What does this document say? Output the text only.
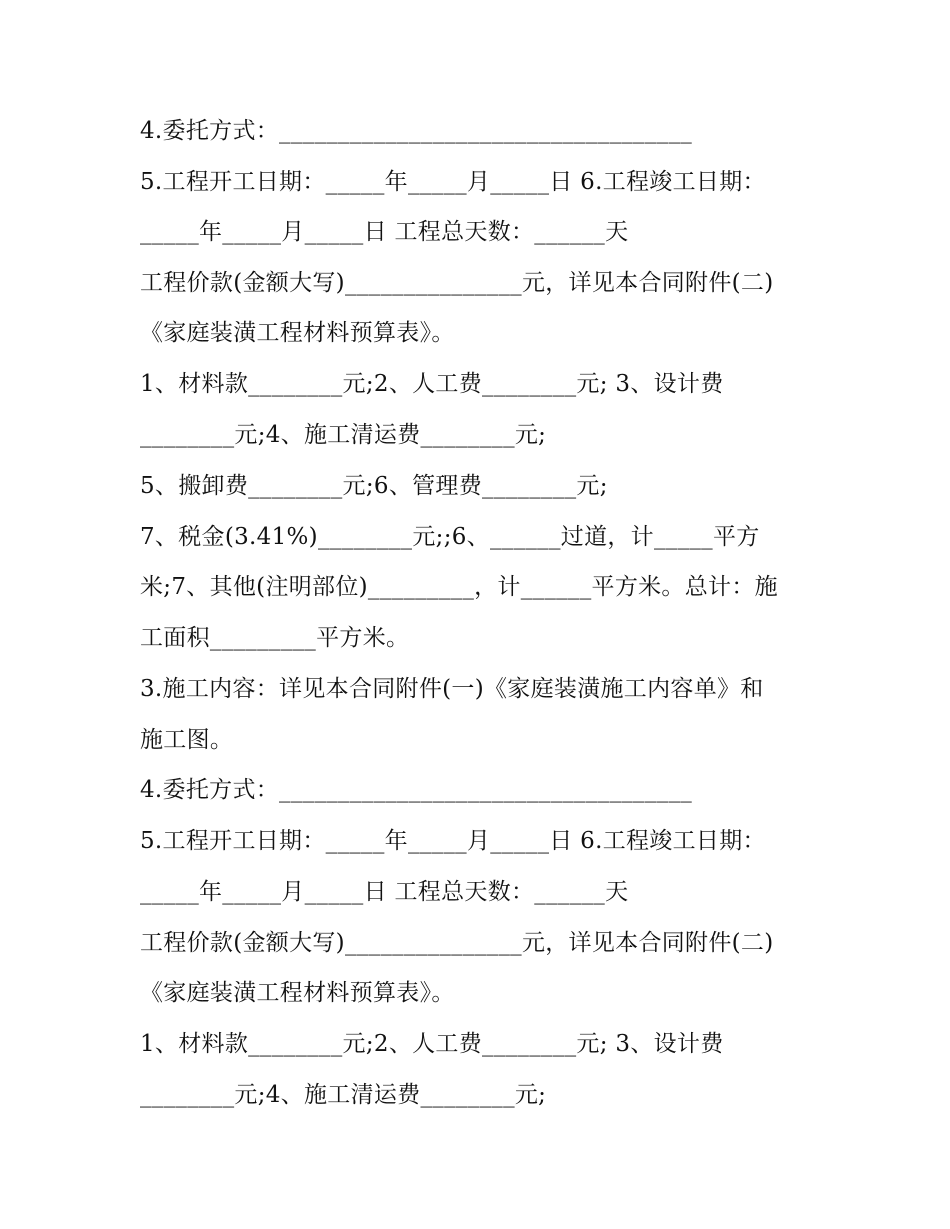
4.委托方式：___________________________________

5.工程开工日期：_____年_____月_____日 6.工程竣工日期：

_____年_____月_____日 工程总天数：______天

工程价款(金额大写)_______________元，详见本合同附件(二)

《家庭装潢工程材料预算表》。

1、材料款________元;2、人工费________元; 3、设计费

________元;4、施工清运费________元;

5、搬卸费________元;6、管理费________元;

7、税金(3.41%)________元;;6、______过道，计_____平方

米;7、其他(注明部位)_________，计______平方米。总计：施

工面积_________平方米。

3.施工内容：详见本合同附件(一)《家庭装潢施工内容单》和

施工图。

4.委托方式：___________________________________

5.工程开工日期：_____年_____月_____日 6.工程竣工日期：

_____年_____月_____日 工程总天数：______天

工程价款(金额大写)_______________元，详见本合同附件(二)

《家庭装潢工程材料预算表》。

1、材料款________元;2、人工费________元; 3、设计费

________元;4、施工清运费________元;
